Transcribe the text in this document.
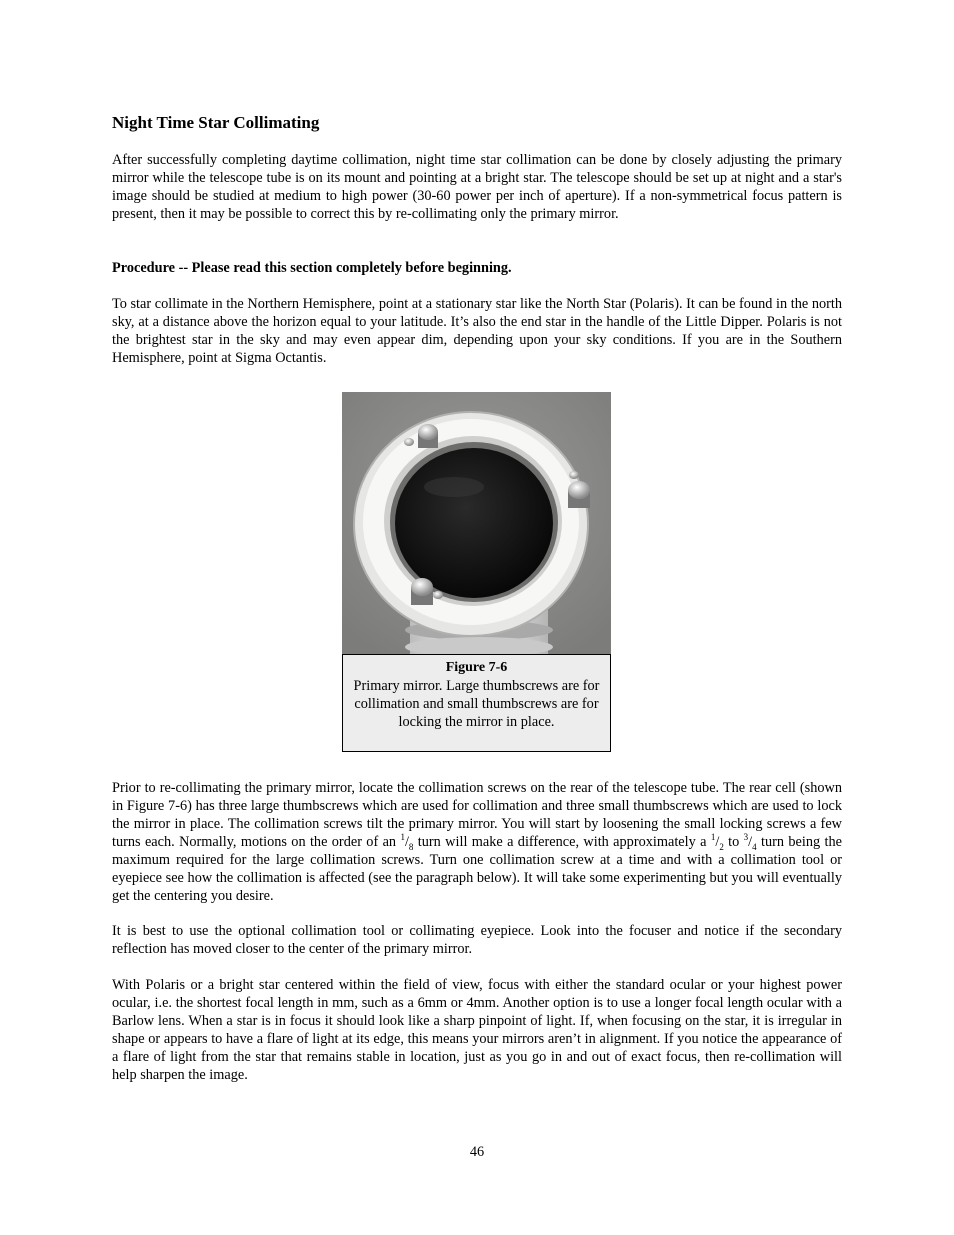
Night Time Star Collimating

After successfully completing daytime collimation, night time star collimation can be done by closely adjusting the primary mirror while the telescope tube is on its mount and pointing at a bright star. The telescope should be set up at night and a star's image should be studied at medium to high power (30-60 power per inch of aperture). If a non-symmetrical focus pattern is present, then it may be possible to correct this by re-collimating only the primary mirror.

Procedure -- Please read this section completely before beginning.

To star collimate in the Northern Hemisphere, point at a stationary star like the North Star (Polaris). It can be found in the north sky, at a distance above the horizon equal to your latitude. It’s also the end star in the handle of the Little Dipper. Polaris is not the brightest star in the sky and may even appear dim, depending upon your sky conditions. If you are in the Southern Hemisphere, point at Sigma Octantis.

Figure 7-6
Primary mirror. Large thumbscrews are for collimation and small thumbscrews are for locking the mirror in place.

Prior to re-collimating the primary mirror, locate the collimation screws on the rear of the telescope tube. The rear cell (shown in Figure 7-6) has three large thumbscrews which are used for collimation and three small thumbscrews which are used to lock the mirror in place. The collimation screws tilt the primary mirror. You will start by loosening the small locking screws a few turns each. Normally, motions on the order of an $^1/_8$ turn will make a difference, with approximately a $^1/_2$ to $^3/_4$ turn being the maximum required for the large collimation screws. Turn one collimation screw at a time and with a collimation tool or eyepiece see how the collimation is affected (see the paragraph below). It will take some experimenting but you will eventually get the centering you desire.

It is best to use the optional collimation tool or collimating eyepiece. Look into the focuser and notice if the secondary reflection has moved closer to the center of the primary mirror.

With Polaris or a bright star centered within the field of view, focus with either the standard ocular or your highest power ocular, i.e. the shortest focal length in mm, such as a 6mm or 4mm. Another option is to use a longer focal length ocular with a Barlow lens. When a star is in focus it should look like a sharp pinpoint of light. If, when focusing on the star, it is irregular in shape or appears to have a flare of light at its edge, this means your mirrors aren’t in alignment. If you notice the appearance of a flare of light from the star that remains stable in location, just as you go in and out of exact focus, then re-collimation will help sharpen the image.

46
